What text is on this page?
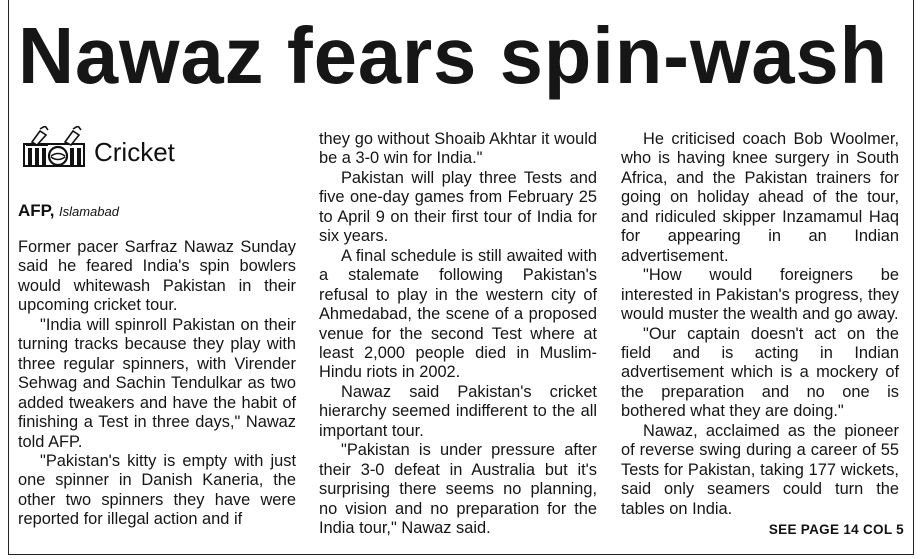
Nawaz fears spin-wash
Cricket
AFP, Islamabad

Former pacer Sarfraz Nawaz Sunday said he feared India's spin bowlers would whitewash Pakistan in their upcoming cricket tour.

"India will spinroll Pakistan on their turning tracks because they play with three regular spinners, with Virender Sehwag and Sachin Tendulkar as two added tweakers and have the habit of finishing a Test in three days," Nawaz told AFP.

"Pakistan's kitty is empty with just one spinner in Danish Kaneria, the other two spinners they have were reported for illegal action and if

they go without Shoaib Akhtar it would be a 3-0 win for India."

Pakistan will play three Tests and five one-day games from February 25 to April 9 on their first tour of India for six years.

A final schedule is still awaited with a stalemate following Pakistan's refusal to play in the western city of Ahmedabad, the scene of a proposed venue for the second Test where at least 2,000 people died in Muslim-Hindu riots in 2002.

Nawaz said Pakistan's cricket hierarchy seemed indifferent to the all important tour.

"Pakistan is under pressure after their 3-0 defeat in Australia but it's surprising there seems no planning, no vision and no preparation for the India tour," Nawaz said.

He criticised coach Bob Woolmer, who is having knee surgery in South Africa, and the Pakistan trainers for going on holiday ahead of the tour, and ridiculed skipper Inzamamul Haq for appearing in an Indian advertisement.

"How would foreigners be interested in Pakistan's progress, they would muster the wealth and go away.

"Our captain doesn't act on the field and is acting in Indian advertisement which is a mockery of the preparation and no one is bothered what they are doing."

Nawaz, acclaimed as the pioneer of reverse swing during a career of 55 Tests for Pakistan, taking 177 wickets, said only seamers could turn the tables on India.

SEE PAGE 14 COL 5
